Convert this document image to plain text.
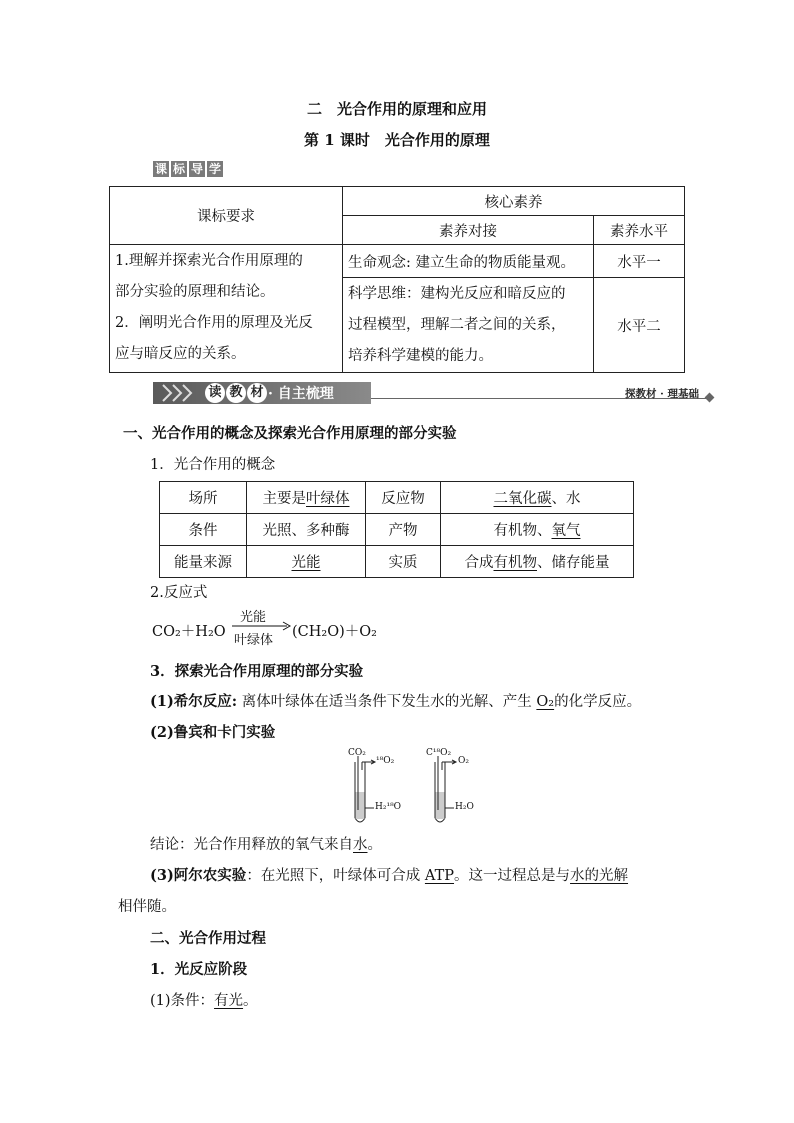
二　光合作用的原理和应用
第 1 课时　光合作用的原理
课 标 导 学
课标要求	核心素养	
	素养对接	素养水平

1.理解并探索光合作用原理的
部分实验的原理和结论。
2．阐明光合作用的原理及光反
应与暗反应的关系。	生命观念: 建立生命的物质能量观。	水平一

	科学思维：建构光反应和暗反应的
过程模型，理解二者之间的关系，
培养科学建模的能力。	水平二
读 教 材 · 自主梳理	探教材 · 理基础
一、光合作用的概念及探索光合作用原理的部分实验
1．光合作用的概念
场所	主要是叶绿体	反应物	二氧化碳、水
条件	光照、多种酶	产物	有机物、氧气
能量来源	光能	实质	合成有机物、储存能量
2.反应式
CO₂＋H₂O
光能
叶绿体
(CH₂O)＋O₂
3．探索光合作用原理的部分实验
(1)希尔反应: 离体叶绿体在适当条件下发生水的光解、产生 O₂的化学反应。
(2)鲁宾和卡门实验
CO₂
¹⁸O₂
H₂¹⁸O
C¹⁸O₂
O₂
H₂O
结论：光合作用释放的氧气来自水。
(3)阿尔农实验：在光照下，叶绿体可合成 ATP。这一过程总是与水的光解
相伴随。
二、光合作用过程
1．光反应阶段
(1)条件：有光。
